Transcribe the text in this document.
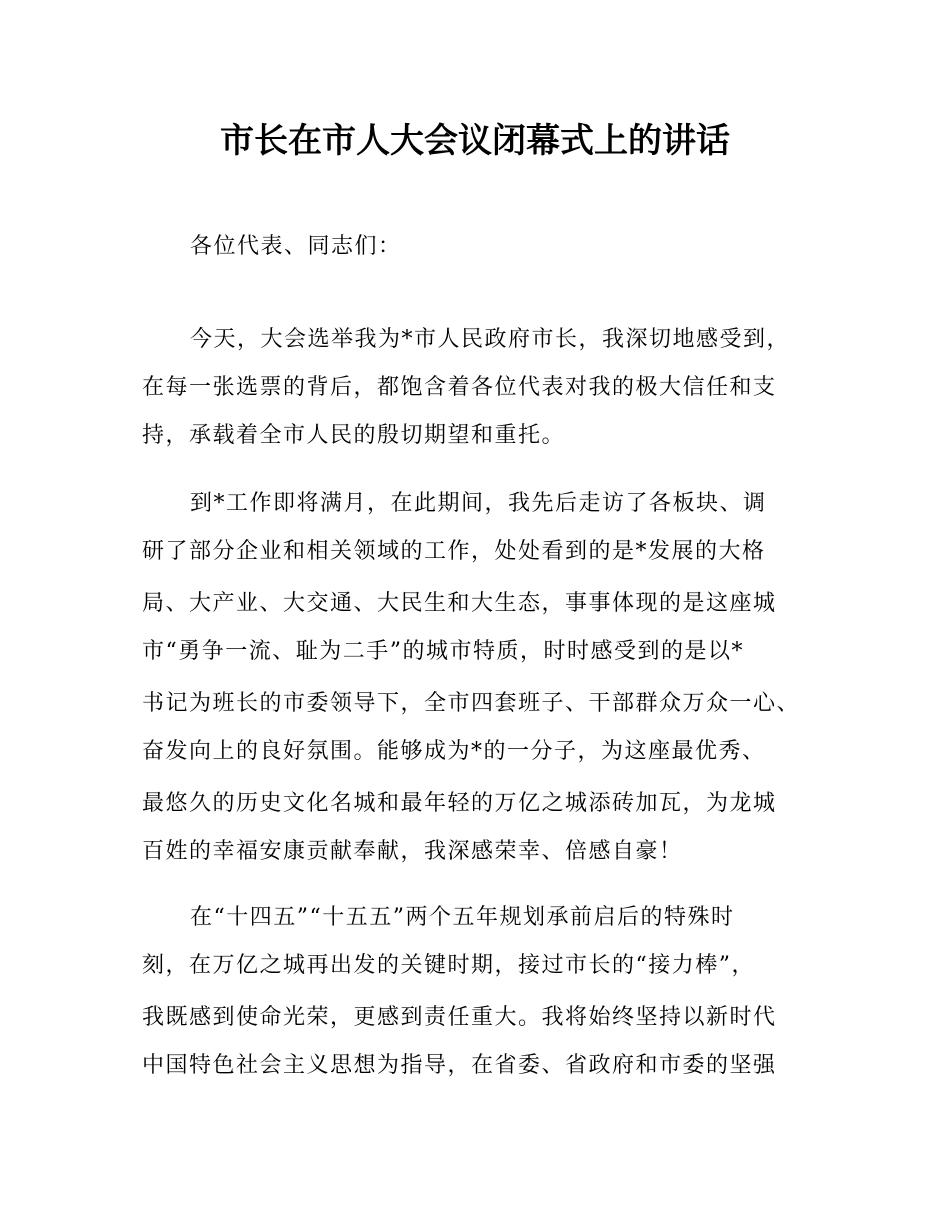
市长在市人大会议闭幕式上的讲话
各位代表、同志们：
今天，大会选举我为*市人民政府市长，我深切地感受到，
在每一张选票的背后，都饱含着各位代表对我的极大信任和支
持，承载着全市人民的殷切期望和重托。
到*工作即将满月，在此期间，我先后走访了各板块、调
研了部分企业和相关领域的工作，处处看到的是*发展的大格
局、大产业、大交通、大民生和大生态，事事体现的是这座城
市“勇争一流、耻为二手”的城市特质，时时感受到的是以*
书记为班长的市委领导下，全市四套班子、干部群众万众一心、
奋发向上的良好氛围。能够成为*的一分子，为这座最优秀、
最悠久的历史文化名城和最年轻的万亿之城添砖加瓦，为龙城
百姓的幸福安康贡献奉献，我深感荣幸、倍感自豪！
在“十四五”“十五五”两个五年规划承前启后的特殊时
刻，在万亿之城再出发的关键时期，接过市长的“接力棒”，
我既感到使命光荣，更感到责任重大。我将始终坚持以新时代
中国特色社会主义思想为指导，在省委、省政府和市委的坚强
